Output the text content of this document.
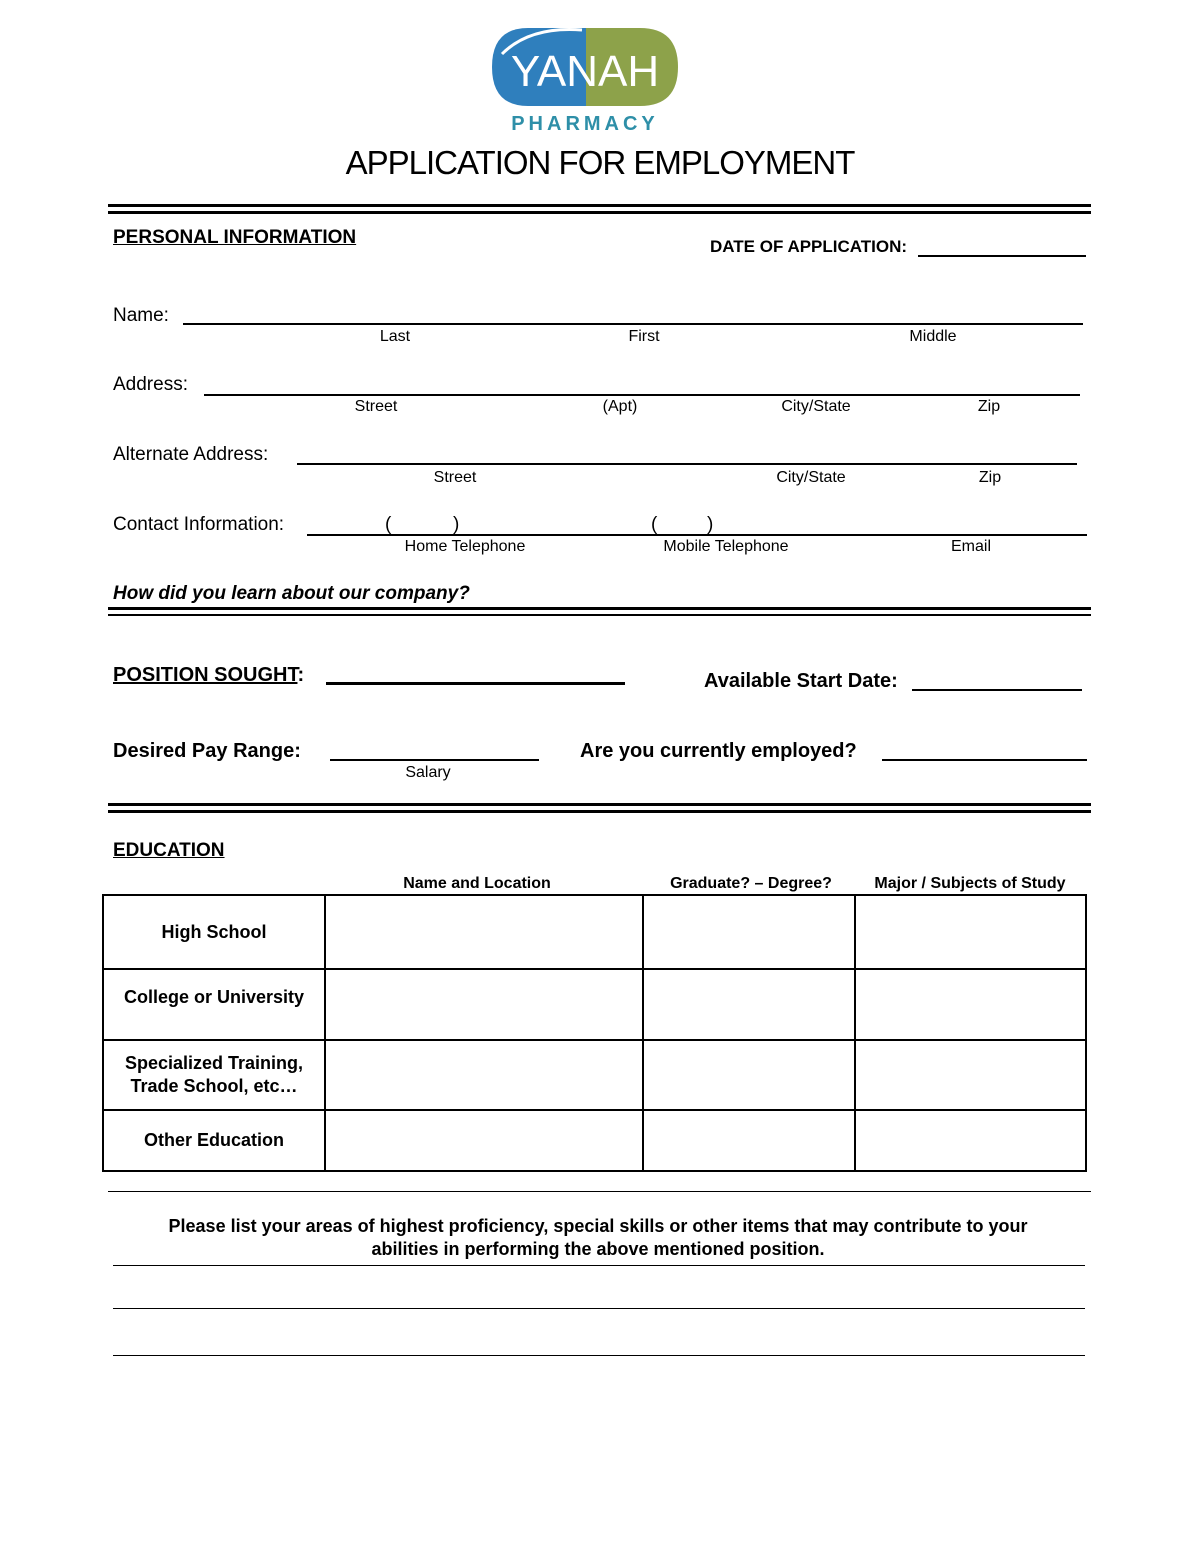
YANAH
PHARMACY
APPLICATION FOR EMPLOYMENT
PERSONAL INFORMATION	DATE OF APPLICATION:
Name:
Last	First	Middle
Address:
Street	(Apt)	City/State	Zip
Alternate Address:
Street	City/State	Zip
Contact Information:	(	)	(	)
Home Telephone	Mobile Telephone	Email
How did you learn about our company?
POSITION SOUGHT:	Available Start Date:
Desired Pay Range:
Salary
Are you currently employed?
EDUCATION
Name and Location	Graduate? – Degree?	Major / Subjects of Study
High School			
College or University			
Specialized Training, Trade School, etc…			
Other Education			
Please list your areas of highest proficiency, special skills or other items that may contribute to your
abilities in performing the above mentioned position.
